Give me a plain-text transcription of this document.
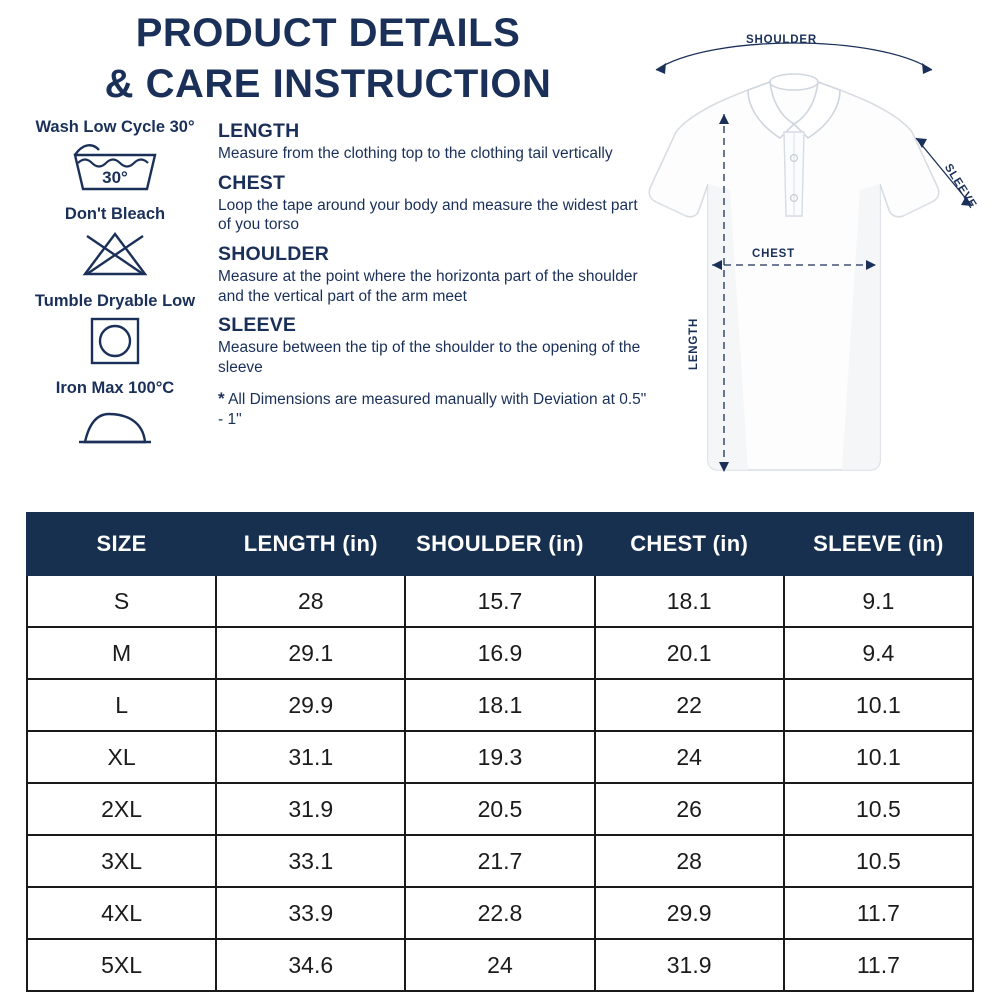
PRODUCT DETAILS
& CARE INSTRUCTION
Wash Low Cycle 30°
30°
Don't Bleach
Tumble Dryable Low
Iron Max 100°C
LENGTH
Measure from the clothing top to the clothing tail vertically
CHEST
Loop the tape around your body and measure the widest part of you torso
SHOULDER
Measure at the point where the horizonta part of the shoulder and the vertical part of the arm meet
SLEEVE
Measure between the tip of the shoulder to the opening of the sleeve
* All Dimensions are measured manually with Deviation at 0.5" - 1"
SHOULDER
SLEEVE
CHEST
LENGTH
SIZE	LENGTH (in)	SHOULDER (in)	CHEST (in)	SLEEVE (in)
S	28	15.7	18.1	9.1
M	29.1	16.9	20.1	9.4
L	29.9	18.1	22	10.1
XL	31.1	19.3	24	10.1
2XL	31.9	20.5	26	10.5
3XL	33.1	21.7	28	10.5
4XL	33.9	22.8	29.9	11.7
5XL	34.6	24	31.9	11.7
